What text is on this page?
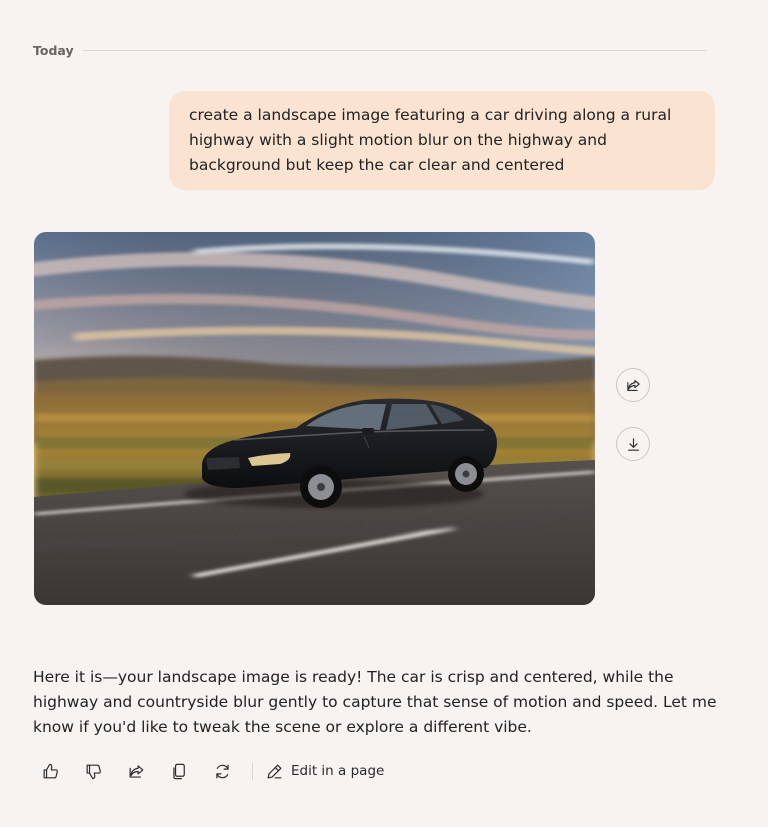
Today
create a landscape image featuring a car driving along a rural highway with a slight motion blur on the highway and background but keep the car clear and centered

Here it is—your landscape image is ready! The car is crisp and centered, while the highway and countryside blur gently to capture that sense of motion and speed. Let me know if you'd like to tweak the scene or explore a different vibe.

Edit in a page
